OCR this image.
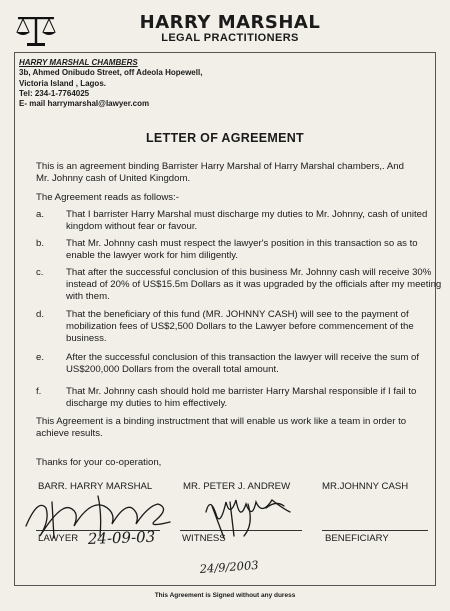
HARRY MARSHAL
LEGAL PRACTITIONERS
HARRY MARSHAL CHAMBERS
3b, Ahmed Onibudo Street, off Adeola Hopewell,
Victoria Island , Lagos.
Tel: 234-1-7764025
E- mail harrymarshal@lawyer.com
LETTER OF AGREEMENT
This is an agreement binding Barrister Harry Marshal of Harry Marshal chambers,. And Mr. Johnny cash of United Kingdom.
The Agreement reads as follows:-
a. That I barrister Harry Marshal must discharge my duties to Mr. Johnny, cash of united kingdom without fear or favour.
b. That Mr. Johnny cash must respect the lawyer's position in this transaction so as to enable the lawyer work for him diligently.
c. That after the successful conclusion of this business Mr. Johnny cash will receive 30% instead of 20% of US$15.5m Dollars as it was upgraded by the officials after my meeting with them.
d. That the beneficiary of this fund (MR. JOHNNY CASH) will see to the payment of mobilization fees of US$2,500 Dollars to the Lawyer before commencement of the business.
e. After the successful conclusion of this transaction the lawyer will receive the sum of US$200,000 Dollars from the overall total amount.
f.	That Mr. Johnny cash should hold me barrister Harry Marshal responsible if I fail to discharge my duties to him effectively.
This Agreement is a binding instructment that will enable us work like a team in order to achieve results.
Thanks for your co-operation,
BARR. HARRY MARSHAL	MR. PETER J. ANDREW	MR.JOHNNY CASH
LAWYER	WITNESS	BENEFICIARY
24-09-03
24/9/2003
This Agreement is Signed without any duress
